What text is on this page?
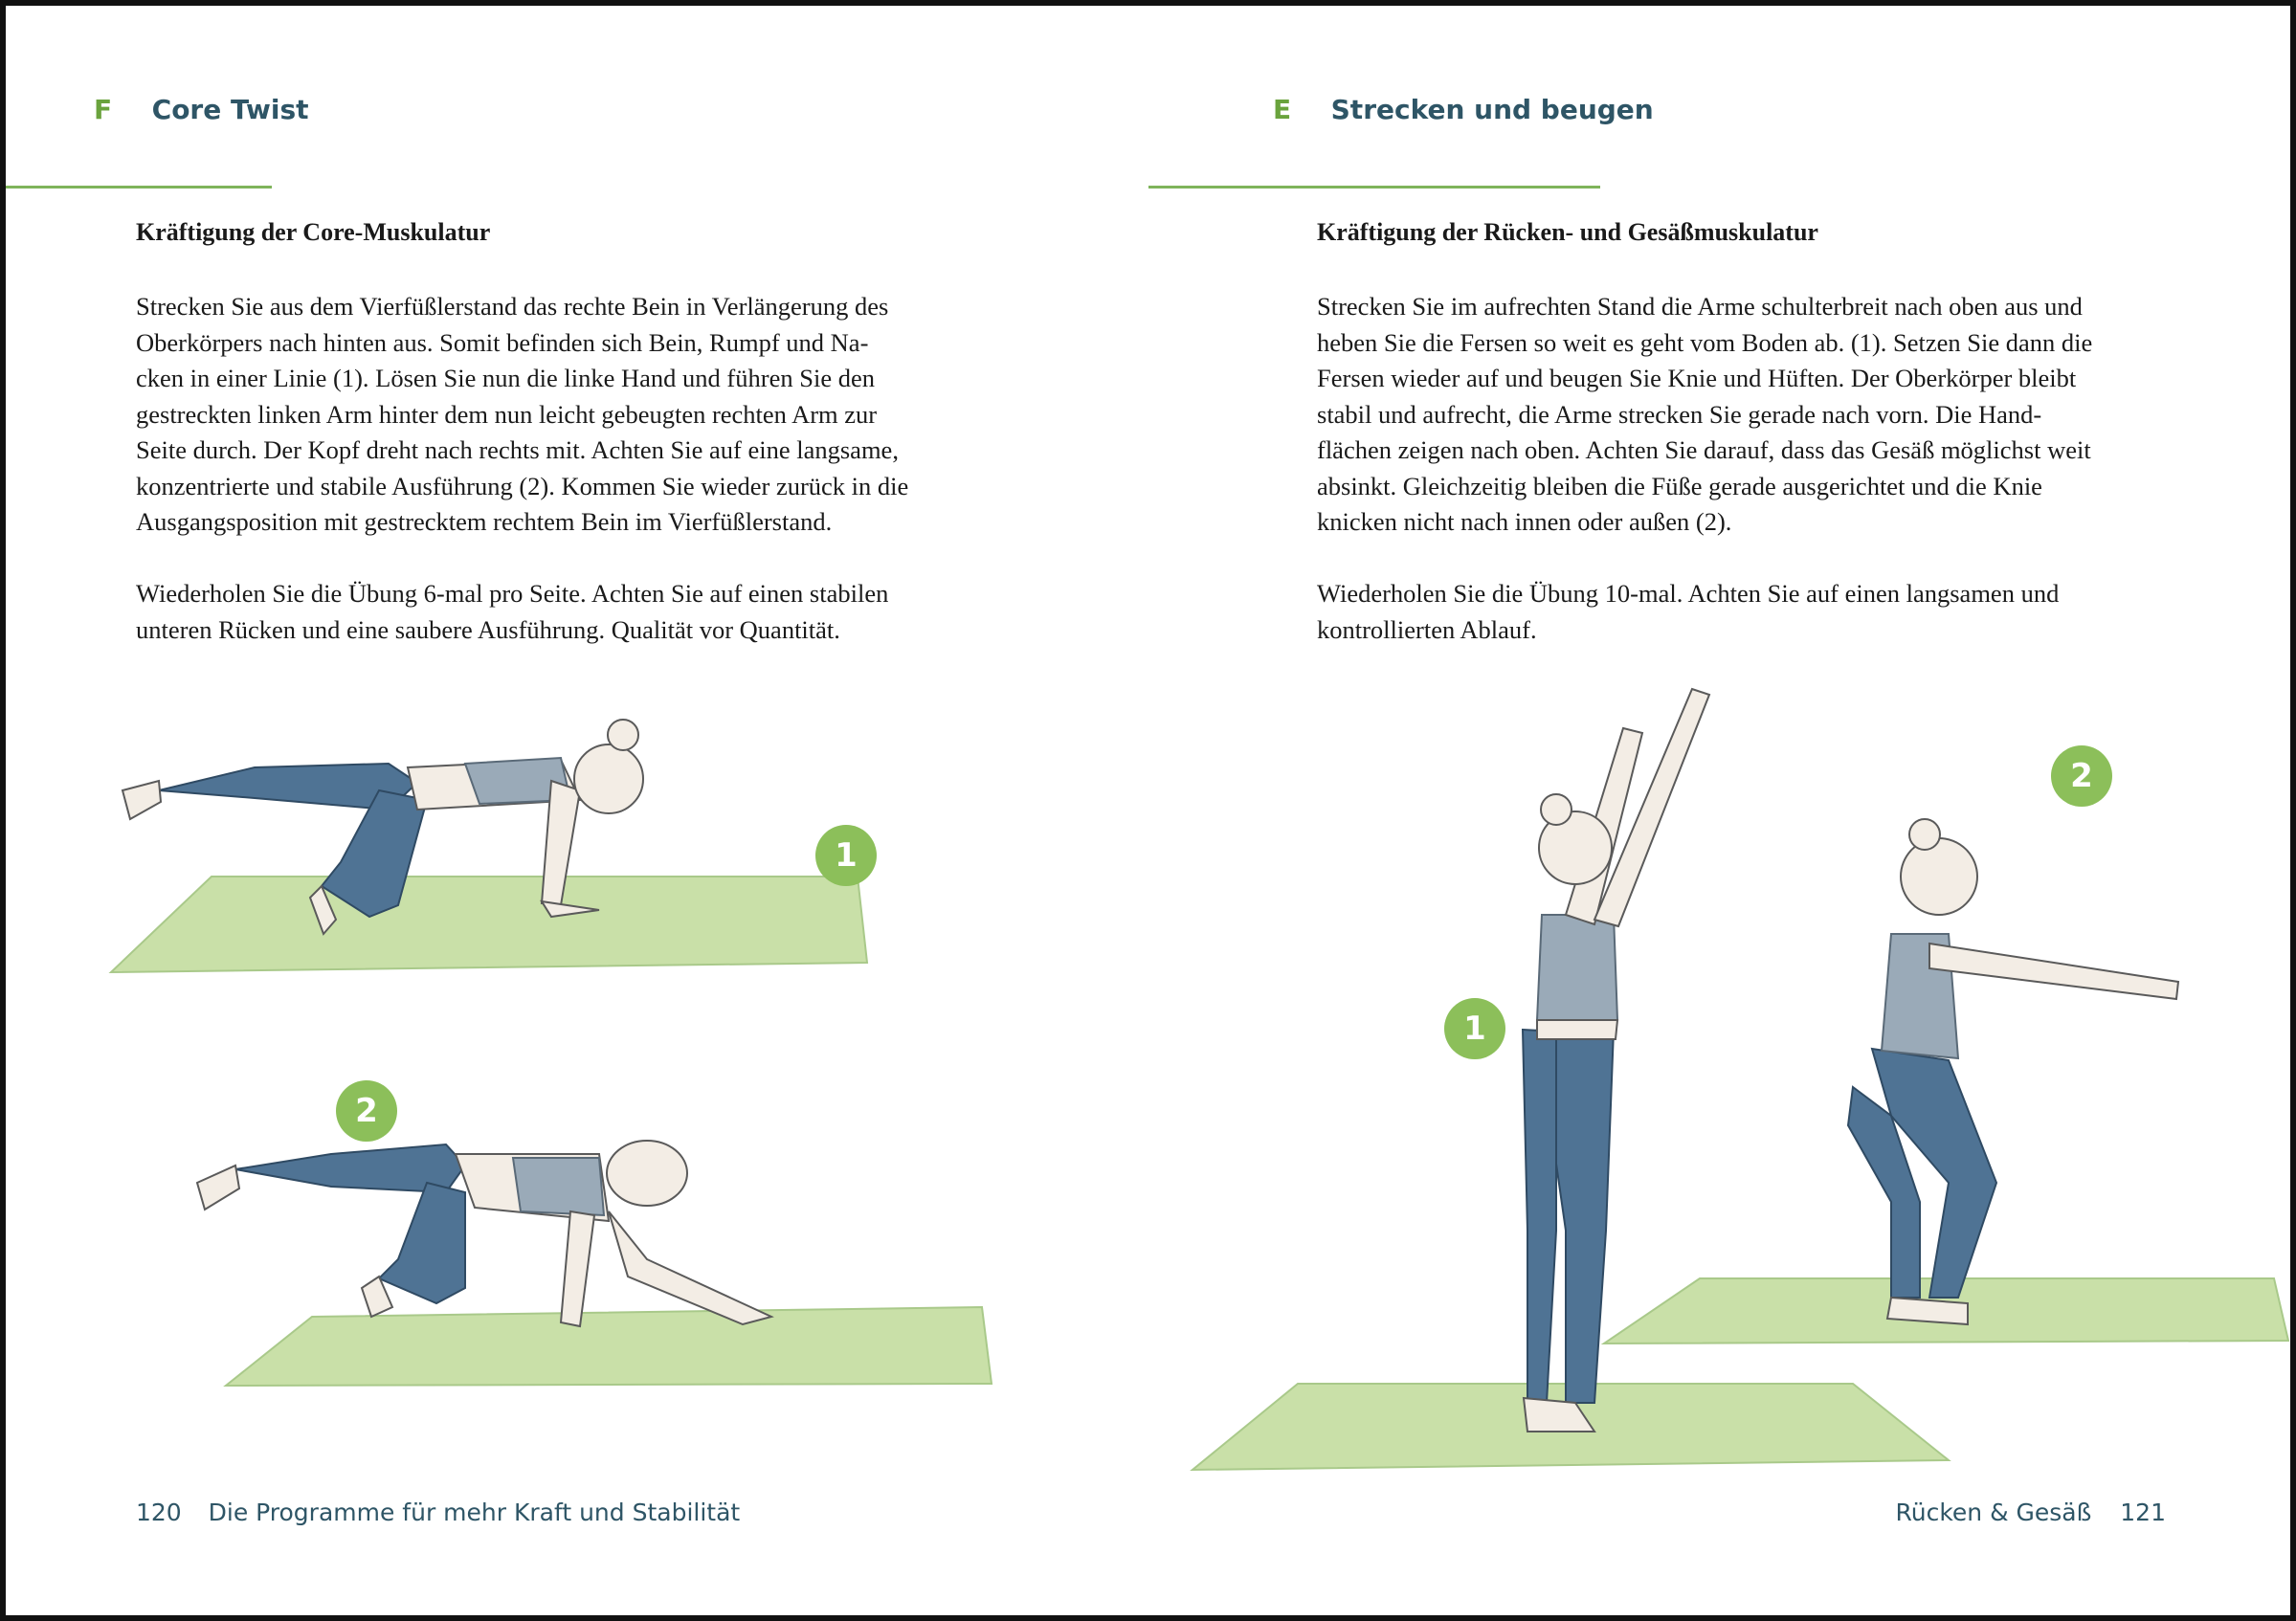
F Core Twist
Kräftigung der Core-Muskulatur
Strecken Sie aus dem Vierfüßlerstand das rechte Bein in Verlängerung des
Oberkörpers nach hinten aus. Somit befinden sich Bein, Rumpf und Na-
cken in einer Linie (1). Lösen Sie nun die linke Hand und führen Sie den
gestreckten linken Arm hinter dem nun leicht gebeugten rechten Arm zur
Seite durch. Der Kopf dreht nach rechts mit. Achten Sie auf eine langsame,
konzentrierte und stabile Ausführung (2). Kommen Sie wieder zurück in die
Ausgangsposition mit gestrecktem rechtem Bein im Vierfüßlerstand.
Wiederholen Sie die Übung 6-mal pro Seite. Achten Sie auf einen stabilen
unteren Rücken und eine saubere Ausführung. Qualität vor Quantität.
1
2
120 Die Programme für mehr Kraft und Stabilität
E Strecken und beugen
Kräftigung der Rücken- und Gesäßmuskulatur
Strecken Sie im aufrechten Stand die Arme schulterbreit nach oben aus und
heben Sie die Fersen so weit es geht vom Boden ab. (1). Setzen Sie dann die
Fersen wieder auf und beugen Sie Knie und Hüften. Der Oberkörper bleibt
stabil und aufrecht, die Arme strecken Sie gerade nach vorn. Die Hand-
flächen zeigen nach oben. Achten Sie darauf, dass das Gesäß möglichst weit
absinkt. Gleichzeitig bleiben die Füße gerade ausgerichtet und die Knie
knicken nicht nach innen oder außen (2).
Wiederholen Sie die Übung 10-mal. Achten Sie auf einen langsamen und
kontrollierten Ablauf.
1
2
Rücken & Gesäß 121
